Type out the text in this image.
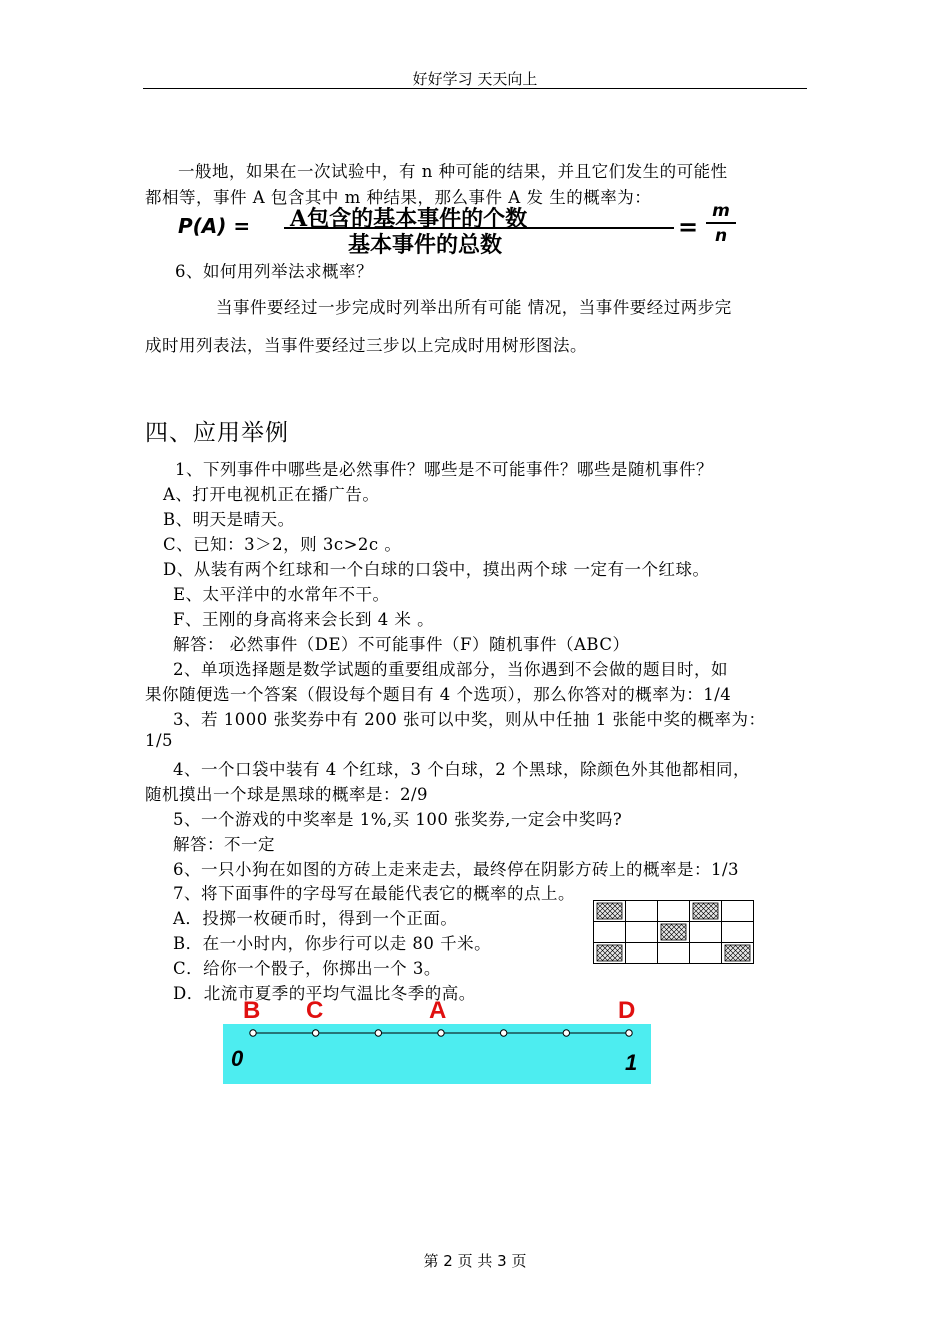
好好学习 天天向上
一般地，如果在一次试验中，有 n 种可能的结果，并且它们发生的可能性
都相等，事件 A 包含其中 m 种结果，那么事件 A 发 生的概率为：
P(A) = A包含的基本事件的个数
基本事件的总数
=
m
n
6、如何用列举法求概率？
当事件要经过一步完成时列举出所有可能 情况，当事件要经过两步完
成时用列表法，当事件要经过三步以上完成时用树形图法。
四、应用举例
1、下列事件中哪些是必然事件？哪些是不可能事件？哪些是随机事件？
A、打开电视机正在播广告。
B、明天是晴天。
C、已知：3＞2，则 3c>2c 。
D、从装有两个红球和一个白球的口袋中，摸出两个球 一定有一个红球。
E、太平洋中的水常年不干。
F、王刚的身高将来会长到 4 米 。
解答： 必然事件（DE）不可能事件（F）随机事件（ABC）
2、单项选择题是数学试题的重要组成部分，当你遇到不会做的题目时，如
果你随便选一个答案（假设每个题目有 4 个选项），那么你答对的概率为：1/4
3、若 1000 张奖券中有 200 张可以中奖，则从中任抽 1 张能中奖的概率为：
1/5
4、一个口袋中装有 4 个红球，3 个白球，2 个黑球，除颜色外其他都相同，
随机摸出一个球是黑球的概率是：2/9
5、一个游戏的中奖率是 1%,买 100 张奖券,一定会中奖吗?
解答：不一定
6、一只小狗在如图的方砖上走来走去，最终停在阴影方砖上的概率是：1/3
7、将下面事件的字母写在最能代表它的概率的点上。
A．投掷一枚硬币时，得到一个正面。
B．在一小时内，你步行可以走 80 千米。
C．给你一个骰子，你掷出一个 3。
D．北流市夏季的平均气温比冬季的高。

B C	A	D
0	1
第 2 页 共 3 页
